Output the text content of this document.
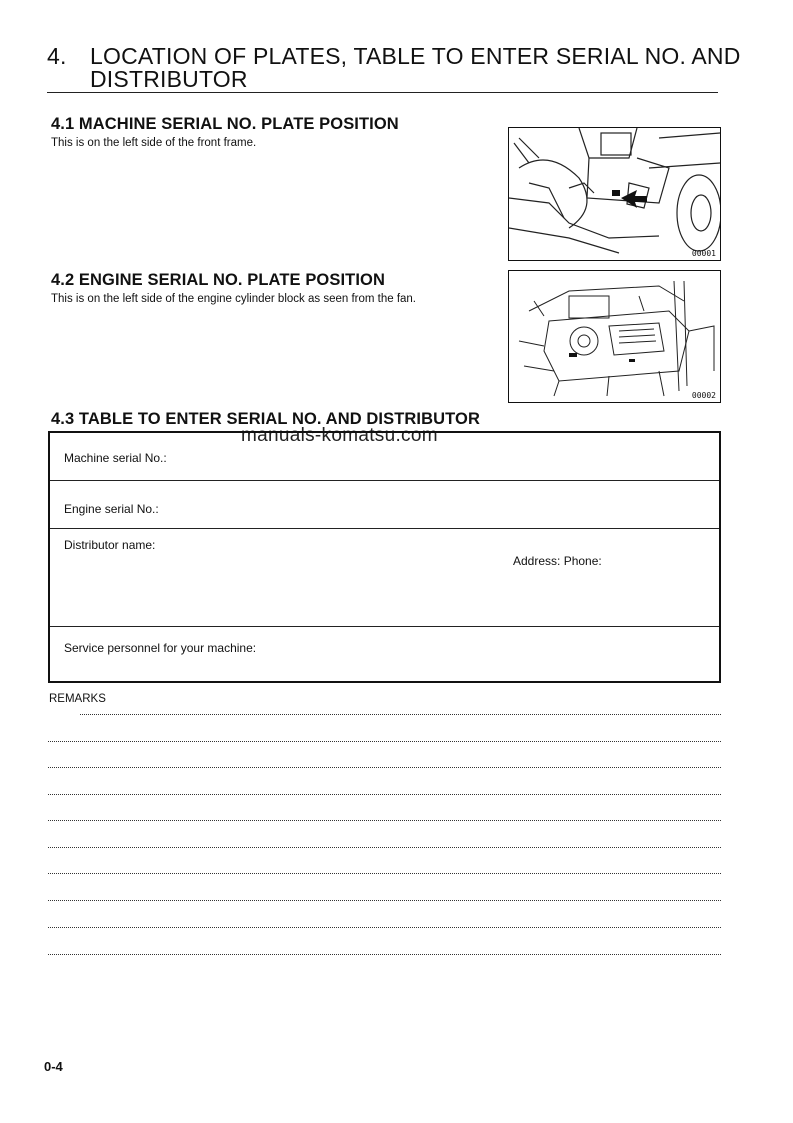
4. LOCATION OF PLATES, TABLE TO ENTER SERIAL NO. AND
DISTRIBUTOR
4.1 MACHINE SERIAL NO. PLATE POSITION
This is on the left side of the front frame.
00001
4.2 ENGINE SERIAL NO. PLATE POSITION
This is on the left side of the engine cylinder block as seen from the fan.
00002
4.3 TABLE TO ENTER SERIAL NO. AND DISTRIBUTOR
manuals-komatsu.com
Machine serial No.:
Engine serial No.:
Distributor name:
Address: Phone:
Service personnel for your machine:
REMARKS
0-4
